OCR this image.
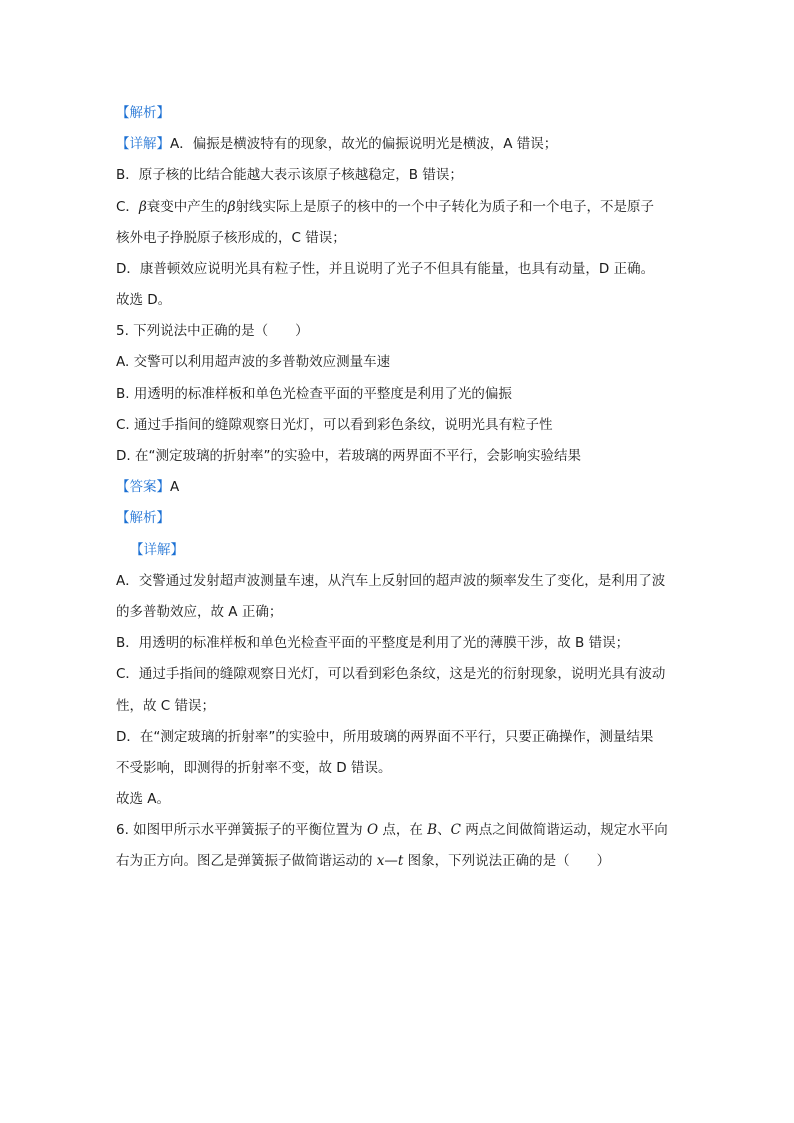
【解析】
【详解】A．偏振是横波特有的现象，故光的偏振说明光是横波，A 错误；
B．原子核的比结合能越大表示该原子核越稳定，B 错误；
C．β衰变中产生的β射线实际上是原子的核中的一个中子转化为质子和一个电子，不是原子
核外电子挣脱原子核形成的，C 错误；
D．康普顿效应说明光具有粒子性，并且说明了光子不但具有能量，也具有动量，D 正确。
故选 D。
5. 下列说法中正确的是（　　）
A. 交警可以利用超声波的多普勒效应测量车速
B. 用透明的标准样板和单色光检查平面的平整度是利用了光的偏振
C. 通过手指间的缝隙观察日光灯，可以看到彩色条纹，说明光具有粒子性
D. 在“测定玻璃的折射率”的实验中，若玻璃的两界面不平行，会影响实验结果
【答案】A
【解析】
【详解】
A．交警通过发射超声波测量车速，从汽车上反射回的超声波的频率发生了变化，是利用了波
的多普勒效应，故 A 正确；
B．用透明的标准样板和单色光检查平面的平整度是利用了光的薄膜干涉，故 B 错误；
C．通过手指间的缝隙观察日光灯，可以看到彩色条纹，这是光的衍射现象，说明光具有波动
性，故 C 错误；
D．在“测定玻璃的折射率”的实验中，所用玻璃的两界面不平行，只要正确操作，测量结果
不受影响，即测得的折射率不变，故 D 错误。
故选 A。
6. 如图甲所示水平弹簧振子的平衡位置为 O 点，在 B、C 两点之间做简谐运动，规定水平向
右为正方向。图乙是弹簧振子做简谐运动的 x—t 图象，下列说法正确的是（　　）
